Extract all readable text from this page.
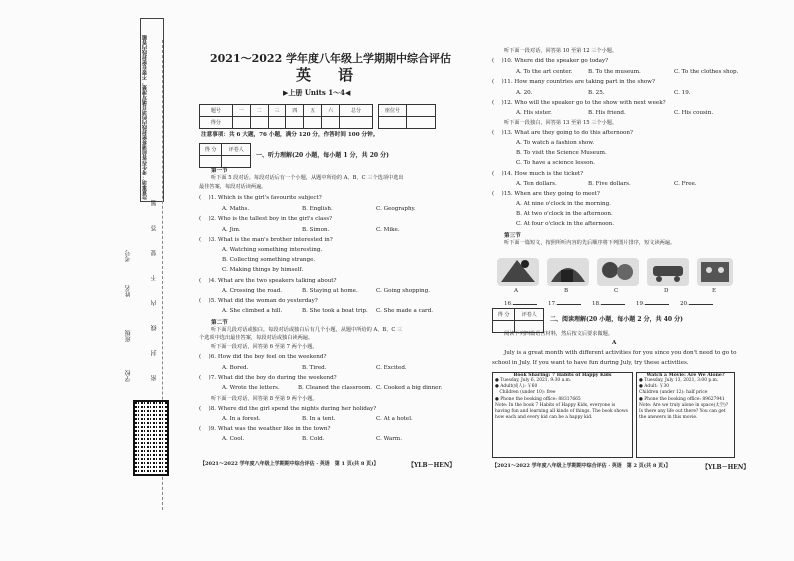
注意事项：考生作答前请将密封线内的项目填写清楚，不要在密封线内答题
题
答
要
不
内
线
封
密
考号
姓名
班级
学校
2021～2022 学年度八年级上学期期中综合评估
英　语
▶上册 Units 1～4◀
题号	一	二	三	四	五	六	总分
得分							
座位号	

注意事项：共 6 大题，76 小题，满分 120 分，作答时间 100 分钟。
得 分	评卷人

一、听力理解(20 小题，每小题 1 分，共 20 分)
第一节
听下面 5 段对话。每段对话后有一个小题，从题中所给的 A、B、C 三个选项中选出
最佳答案，每段对话读两遍。
( 　)1. Which is the girl's favourite subject?
A. Maths.	B. English.	C. Geography.
( 　)2. Who is the tallest boy in the girl's class?
A. Jim.	B. Simon.	C. Mike.
( 　)3. What is the man's brother interested in?
A. Watching something interesting.
B. Collecting something strange.
C. Making things by himself.
( 　)4. What are the two speakers talking about?
A. Crossing the road.	B. Staying at home.	C. Going shopping.
( 　)5. What did the woman do yesterday?
A. She climbed a hill.	B. She took a boat trip. C. She made a card.
第二节
听下面几段对话或独白。每段对话或独白后有几个小题，从题中所给的 A、B、C 三
个选项中选出最佳答案，每段对话或独白读两遍。
听下面一段对话，回答第 6 至第 7 两个小题。
( 　)6. How did the boy feel on the weekend?
A. Bored.	B. Tired.	C. Excited.
( 　)7. What did the boy do during the weekend?
A. Wrote the letters.	B. Cleaned the classroom. C. Cooked a big dinner.
听下面一段对话，回答第 8 至第 9 两个小题。
( 　)8. Where did the girl spend the nights during her holiday?
A. In a forest.	B. In a tent.	C. At a hotel.
( 　)9. What was the weather like in the town?
A. Cool.	B. Cold.	C. Warm.
【2021～2022 学年度八年级上学期期中综合评估 · 英语　第 1 页(共 8 页)】	【YLB－HEN】
听下面一段对话，回答第 10 至第 12 三个小题。
( 　)10. Where did the speaker go today?
A. To the art center.	B. To the museum.	C. To the clothes shop.
( 　)11. How many countries are taking part in the show?
A. 20.	B. 25.	C. 19.
( 　)12. Who will the speaker go to the show with next week?
A. His sister.	B. His friend.	C. His cousin.
听下面一段独白，回答第 13 至第 15 三个小题。
( 　)13. What are they going to do this afternoon?
A. To watch a fashion show.
B. To visit the Science Museum.
C. To have a science lesson.
( 　)14. How much is the ticket?
A. Ten dollars.	B. Five dollars.	C. Free.
( 　)15. When are they going to meet?
A. At nine o'clock in the morning.
B. At two o'clock in the afternoon.
C. At four o'clock in the afternoon.
第三节
听下面一篇短文，按照所听内容的先后顺序将下列图片排序，短文读两遍。
A	B	C	D	E
16.	17.	18.	19.	20.
得 分	评卷人

二、阅读理解(20 小题，每小题 2 分，共 40 分)
阅读下列四篇语言材料，然后按文后要求做题。
A
July is a great month with different activities for you since you don't need to go to
school in July. If you want to have fun during July, try these activities.
Book Sharing: 7 Habits of Happy Kids
● Tuesday, July 6, 2021, 9:30 a.m.
● Adult(成人): ￥60
　Children (under 10): free
● Phone the booking office: 88317665
Note: In the book 7 Habits of Happy Kids, everyone is having fun and learning all kinds of things. The book shows how each and every kid can be a happy kid.
Watch a Movie: Are We Alone?
● Tuesday, July 13, 2021, 3:00 p.m.
● Adult: ￥30
Children (under 12): half price
● Phone the booking office: 89627941
Note: Are we truly alone in space(太空)? Is there any life out there? You can get the answers in this movie.
【2021～2022 学年度八年级上学期期中综合评估 · 英语　第 2 页(共 8 页)】	【YLB－HEN】
